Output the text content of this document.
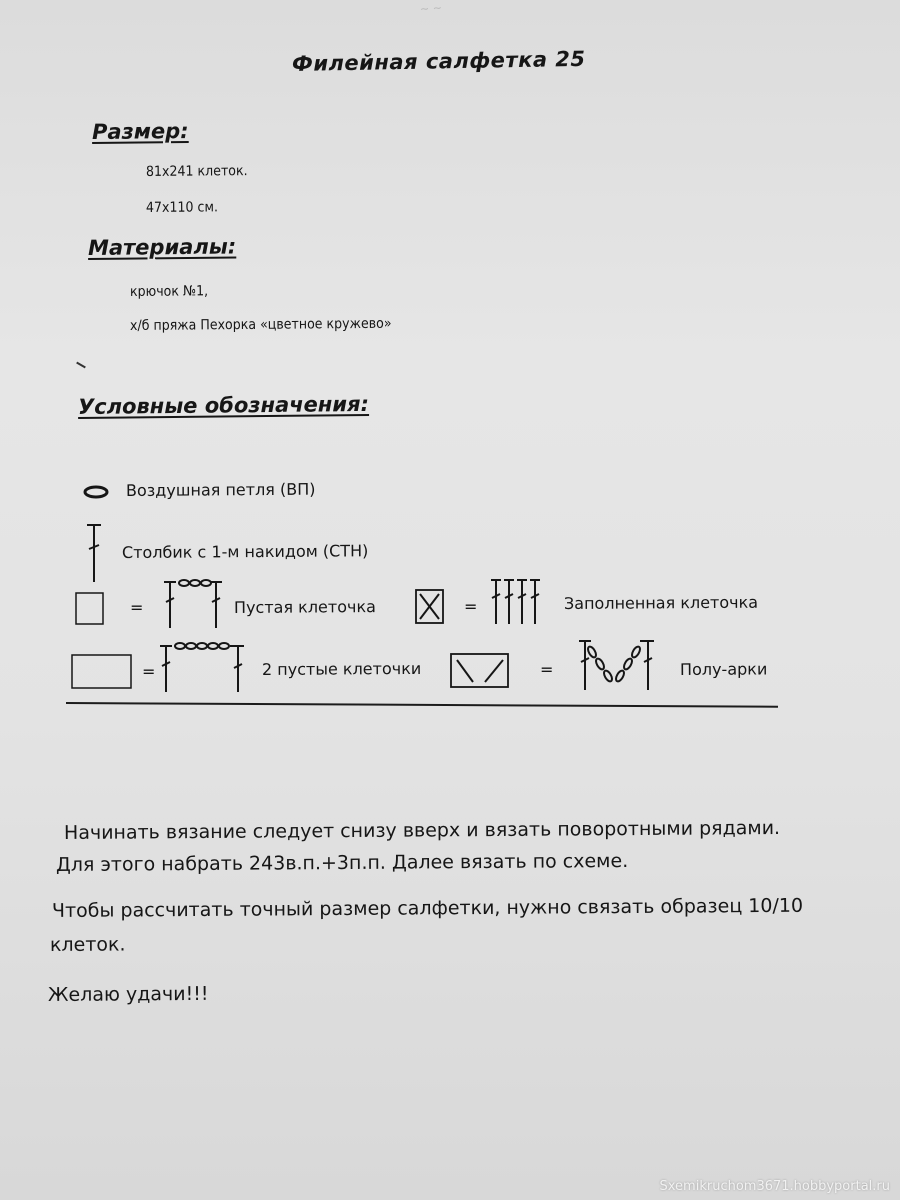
~ ~
Филейная салфетка 25
Размер:
81x241 клеток.
47x110 см.
Материалы:
крючок №1,
х/б пряжа Пехорка «цветное кружево»
Условные обозначения:
Воздушная петля (ВП)
Столбик с 1-м накидом (СТН)
=	Пустая клеточка	=	Заполненная клеточка
=	2 пустые клеточки	=	Полу-арки
Начинать вязание следует снизу вверх и вязать поворотными рядами.
Для этого набрать 243в.п.+3п.п. Далее вязать по схеме.
Чтобы рассчитать точный размер салфетки, нужно связать образец 10/10
клеток.
Желаю удачи!!!
Sxemikruchom3671.hobbyportal.ru
